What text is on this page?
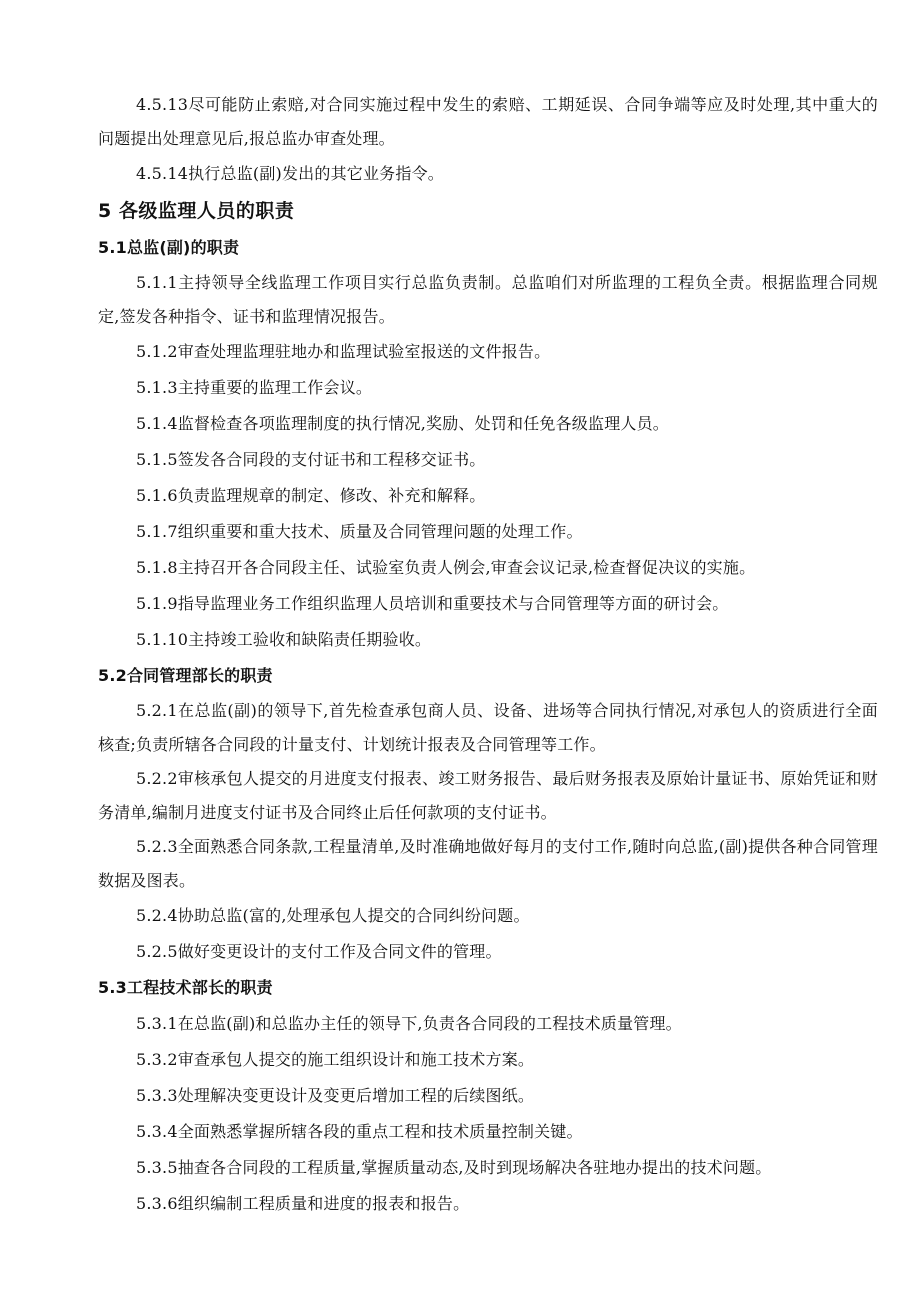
4.5.13尽可能防止索赔,对合同实施过程中发生的索赔、工期延误、合同争端等应及时处理,其中重大的问题提出处理意见后,报总监办审查处理。

4.5.14执行总监(副)发出的其它业务指令。

5 各级监理人员的职责
5.1总监(副)的职责

5.1.1主持领导全线监理工作项目实行总监负责制。总监咱们对所监理的工程负全责。根据监理合同规定,签发各种指令、证书和监理情况报告。

5.1.2审查处理监理驻地办和监理试验室报送的文件报告。

5.1.3主持重要的监理工作会议。

5.1.4监督检查各项监理制度的执行情况,奖励、处罚和任免各级监理人员。

5.1.5签发各合同段的支付证书和工程移交证书。

5.1.6负责监理规章的制定、修改、补充和解释。

5.1.7组织重要和重大技术、质量及合同管理问题的处理工作。

5.1.8主持召开各合同段主任、试验室负责人例会,审查会议记录,检查督促决议的实施。

5.1.9指导监理业务工作组织监理人员培训和重要技术与合同管理等方面的研讨会。

5.1.10主持竣工验收和缺陷责任期验收。

5.2合同管理部长的职责

5.2.1在总监(副)的领导下,首先检查承包商人员、设备、进场等合同执行情况,对承包人的资质进行全面核查;负责所辖各合同段的计量支付、计划统计报表及合同管理等工作。

5.2.2审核承包人提交的月进度支付报表、竣工财务报告、最后财务报表及原始计量证书、原始凭证和财务清单,编制月进度支付证书及合同终止后任何款项的支付证书。

5.2.3全面熟悉合同条款,工程量清单,及时准确地做好每月的支付工作,随时向总监,(副)提供各种合同管理数据及图表。

5.2.4协助总监(富的,处理承包人提交的合同纠纷问题。

5.2.5做好变更设计的支付工作及合同文件的管理。

5.3工程技术部长的职责

5.3.1在总监(副)和总监办主任的领导下,负责各合同段的工程技术质量管理。

5.3.2审查承包人提交的施工组织设计和施工技术方案。

5.3.3处理解决变更设计及变更后增加工程的后续图纸。

5.3.4全面熟悉掌握所辖各段的重点工程和技术质量控制关键。

5.3.5抽查各合同段的工程质量,掌握质量动态,及时到现场解决各驻地办提出的技术问题。

5.3.6组织编制工程质量和进度的报表和报告。
